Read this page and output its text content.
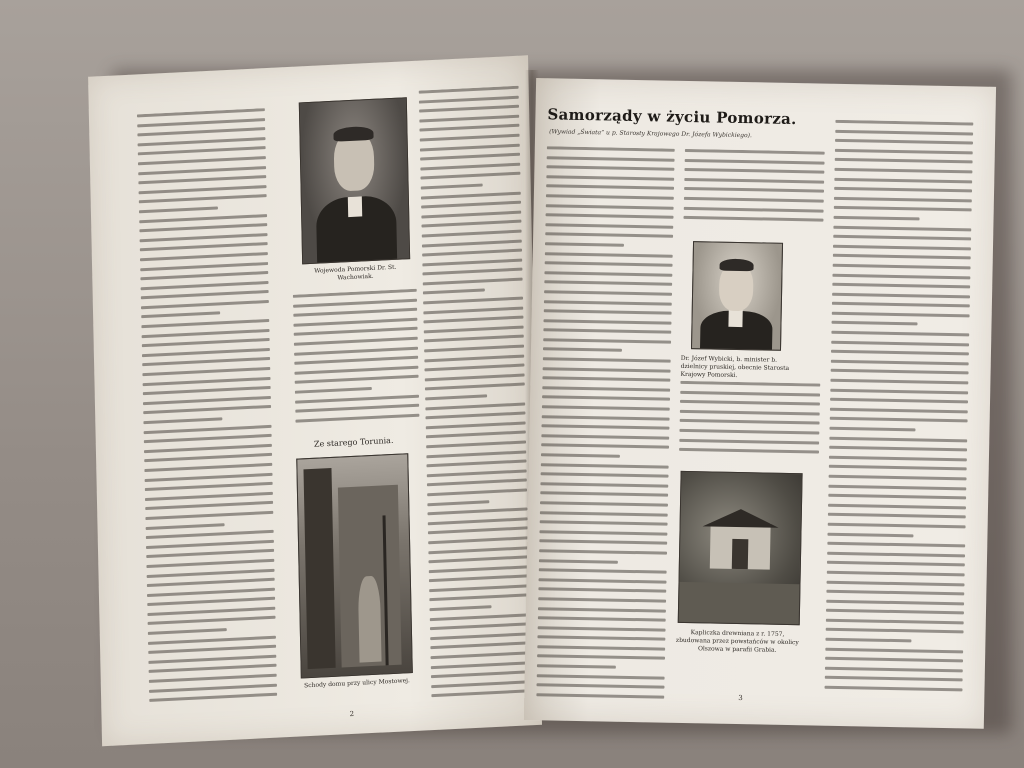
Wojewoda Pomorski Dr. St. Wachowiak.
Ze starego Torunia.
Schody domu przy ulicy Mostowej.
2
Samorządy w życiu Pomorza.
(Wywiad „Świata” u p. Starosty Krajowego Dr. Józefa Wybickiego).
Dr. Józef Wybicki, b. minister b. dzielnicy pruskiej, obecnie Starosta Krajowy Pomorski.
Kapliczka drewniana z r. 1757, zbudowana przez powstańców w okolicy Olszowa w parafii Grabia.
3
